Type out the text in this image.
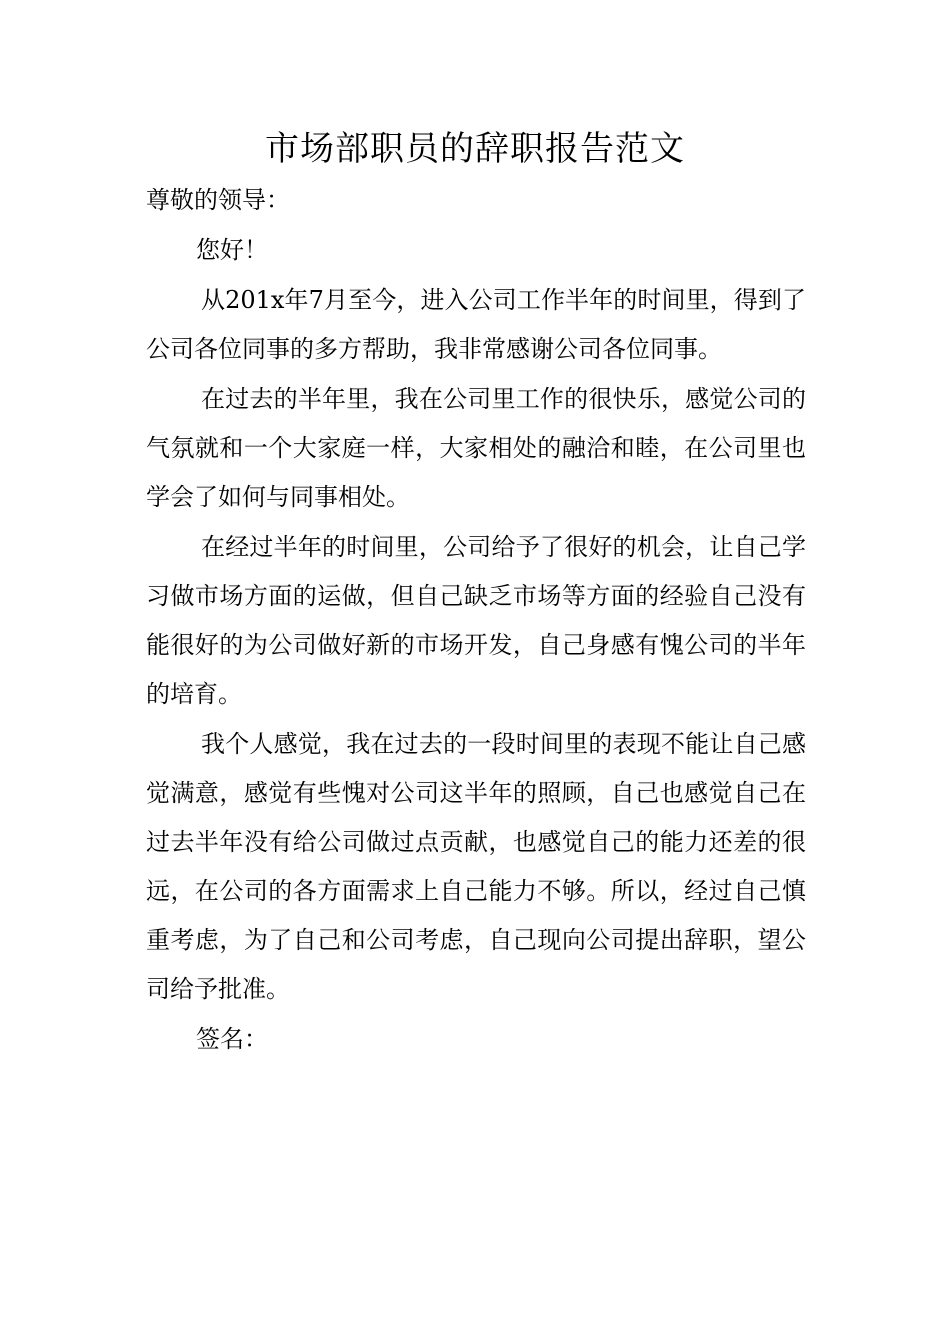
市场部职员的辞职报告范文

尊敬的领导：

您好！

从201x年7月至今，进入公司工作半年的时间里，得到了公司各位同事的多方帮助，我非常感谢公司各位同事。

在过去的半年里，我在公司里工作的很快乐，感觉公司的气氛就和一个大家庭一样，大家相处的融洽和睦，在公司里也学会了如何与同事相处。

在经过半年的时间里，公司给予了很好的机会，让自己学习做市场方面的运做，但自己缺乏市场等方面的经验自己没有能很好的为公司做好新的市场开发，自己身感有愧公司的半年的培育。

我个人感觉，我在过去的一段时间里的表现不能让自己感觉满意，感觉有些愧对公司这半年的照顾，自己也感觉自己在过去半年没有给公司做过点贡献，也感觉自己的能力还差的很远，在公司的各方面需求上自己能力不够。所以，经过自己慎重考虑，为了自己和公司考虑，自己现向公司提出辞职，望公司给予批准。

签名：
